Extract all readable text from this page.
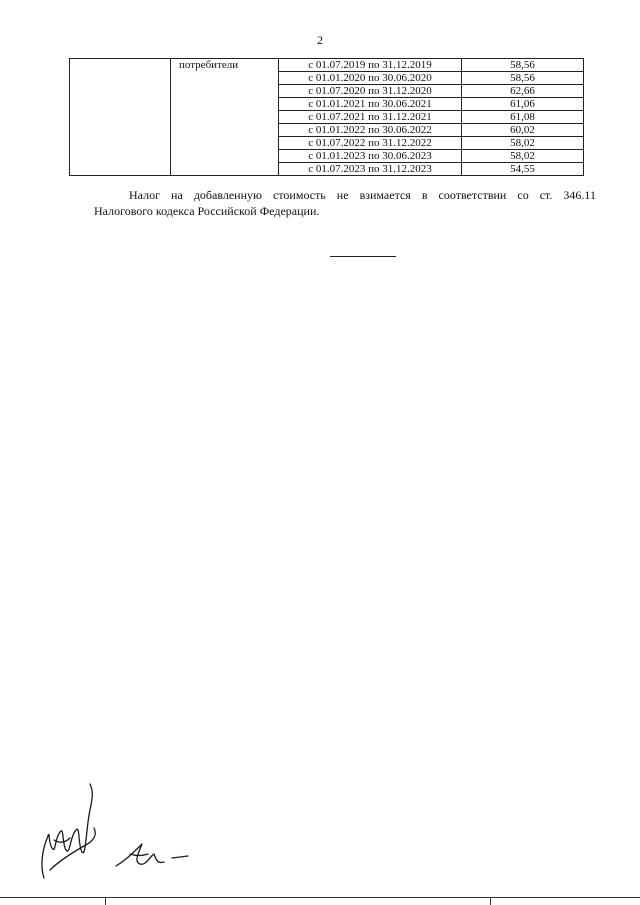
2
	потребители	с 01.07.2019 по 31.12.2019	58,56
		с 01.01.2020 по 30.06.2020	58,56
		с 01.07.2020 по 31.12.2020	62,66
		с 01.01.2021 по 30.06.2021	61,06
		с 01.07.2021 по 31.12.2021	61,08
		с 01.01.2022 по 30.06.2022	60,02
		с 01.07.2022 по 31.12.2022	58,02
		с 01.01.2023 по 30.06.2023	58,02
		с 01.07.2023 по 31.12.2023	54,55
Налог на добавленную стоимость не взимается в соответствии со ст. 346.11
Налогового кодекса Российской Федерации.
